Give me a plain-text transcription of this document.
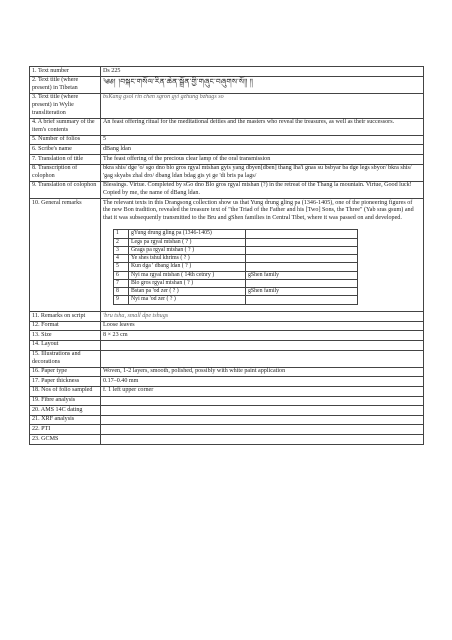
1. Text number	Ds 225
2. Text title (where present) in Tibetan	༄༅། །བསྐང་གསོལ་རིན་ཆེན་སྒྲོན་གྱི་གཞུང་བཞུགས་སོ༎ ༎
3. Text title (where present) in Wylie transliteration	bsKang gsol rin chen sgron gyi gzhung bzhugs so
4. A brief summary of the item's contents	An feast offering ritual for the meditational deities and the masters who reveal the treasures, as well as their successors.
5. Number of folios	5
6. Scribe's name	dBang ldan
7. Translation of title	The feast offering of the precious clear lamp of the oral transmission
8. Transcription of colophon	bkra shis/ dge 'o/ sgo dno blo gros rgyal mtshan gyis yang dbyen[dben] thang lha'i gnas su bsbyar ba dge legs sbyor/ bkra shis/ 'gag skyabs zhal dro/ dbang ldan bdag gis yi ge 'di bris pa lags/
9. Translation of colophon	Blessings. Virtue. Completed by sGo dno Blo gros rgyal mtshan (?) in the retreat of the Thang la mountain. Virtue, Good luck! Copied by me, the name of dBang ldan.
10. General remarks	The relevant texts in this Drangsong collection show us that Yung drung gling pa (1346-1405), one of the pioneering figures of the new Bon tradition, revealed the treasure text of "the Triad of the Father and his [Two] Sons, the Three" (Yab sras gsum) and that it was subsequently transmitted to the Bru and gShen families in Central Tibet, where it was passed on and developed.
1	gYung drung gling pa (1346-1405)	
2	Legs pa rgyal mtshan ( ? )	
3	Grags pa rgyal mtshan ( ? )	
4	Ye shes tshul khrims ( ? )	
5	Kun dga ' dbang ldan ( ? )	
6	Nyi ma rgyal mtshan ( 14th cetnry )	gShen family
7	Blo gros rgyal mtshan ( ? )	
8	Bstan pa 'od zer ( ? )	gShen family
9	Nyi ma 'od zer ( ? )	

11. Remarks on script	'bru tsha, small dpe tshugs
12. Format	Loose leaves
13. Size	8 × 23 cm
14. Layout	
15. Illustrations and decorations	
16. Paper type	Woven, 1-2 layers, smooth, polished, possibly with white paint application
17. Paper thickness	0.17–0.40 mm
18. Nos of folio sampled	f. 1 left upper corner
19. Fibre analysis	
20. AMS 14C dating	
21. XRF analysis	
22. PTI	
23. GCMS	
